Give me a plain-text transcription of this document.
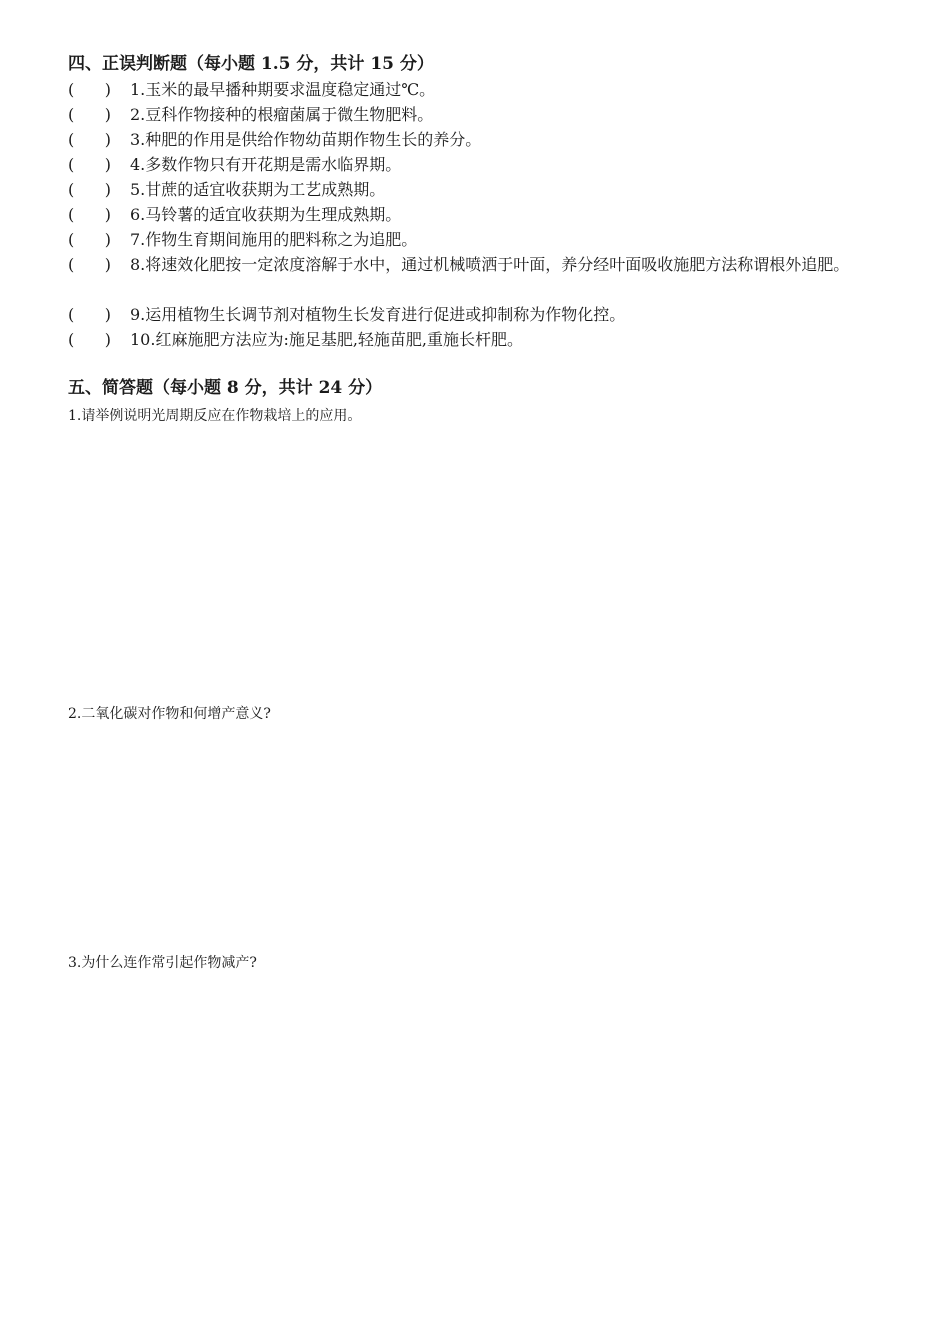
四、正误判断题（每小题 1.5 分，共计 15 分）
(      ) 1.玉米的最早播种期要求温度稳定通过℃。
(      ) 2.豆科作物接种的根瘤菌属于微生物肥料。
(      ) 3.种肥的作用是供给作物幼苗期作物生长的养分。
(      ) 4.多数作物只有开花期是需水临界期。
(      ) 5.甘蔗的适宜收获期为工艺成熟期。
(      ) 6.马铃薯的适宜收获期为生理成熟期。
(      ) 7.作物生育期间施用的肥料称之为追肥。
(      ) 8.将速效化肥按一定浓度溶解于水中，通过机械喷洒于叶面，养分经叶面吸收施肥方法称谓根外追肥。
(      ) 9.运用植物生长调节剂对植物生长发育进行促进或抑制称为作物化控。
(      ) 10.红麻施肥方法应为:施足基肥,轻施苗肥,重施长杆肥。
五、简答题（每小题 8 分，共计 24 分）
1.请举例说明光周期反应在作物栽培上的应用。
2.二氧化碳对作物和何增产意义?
3.为什么连作常引起作物减产?
